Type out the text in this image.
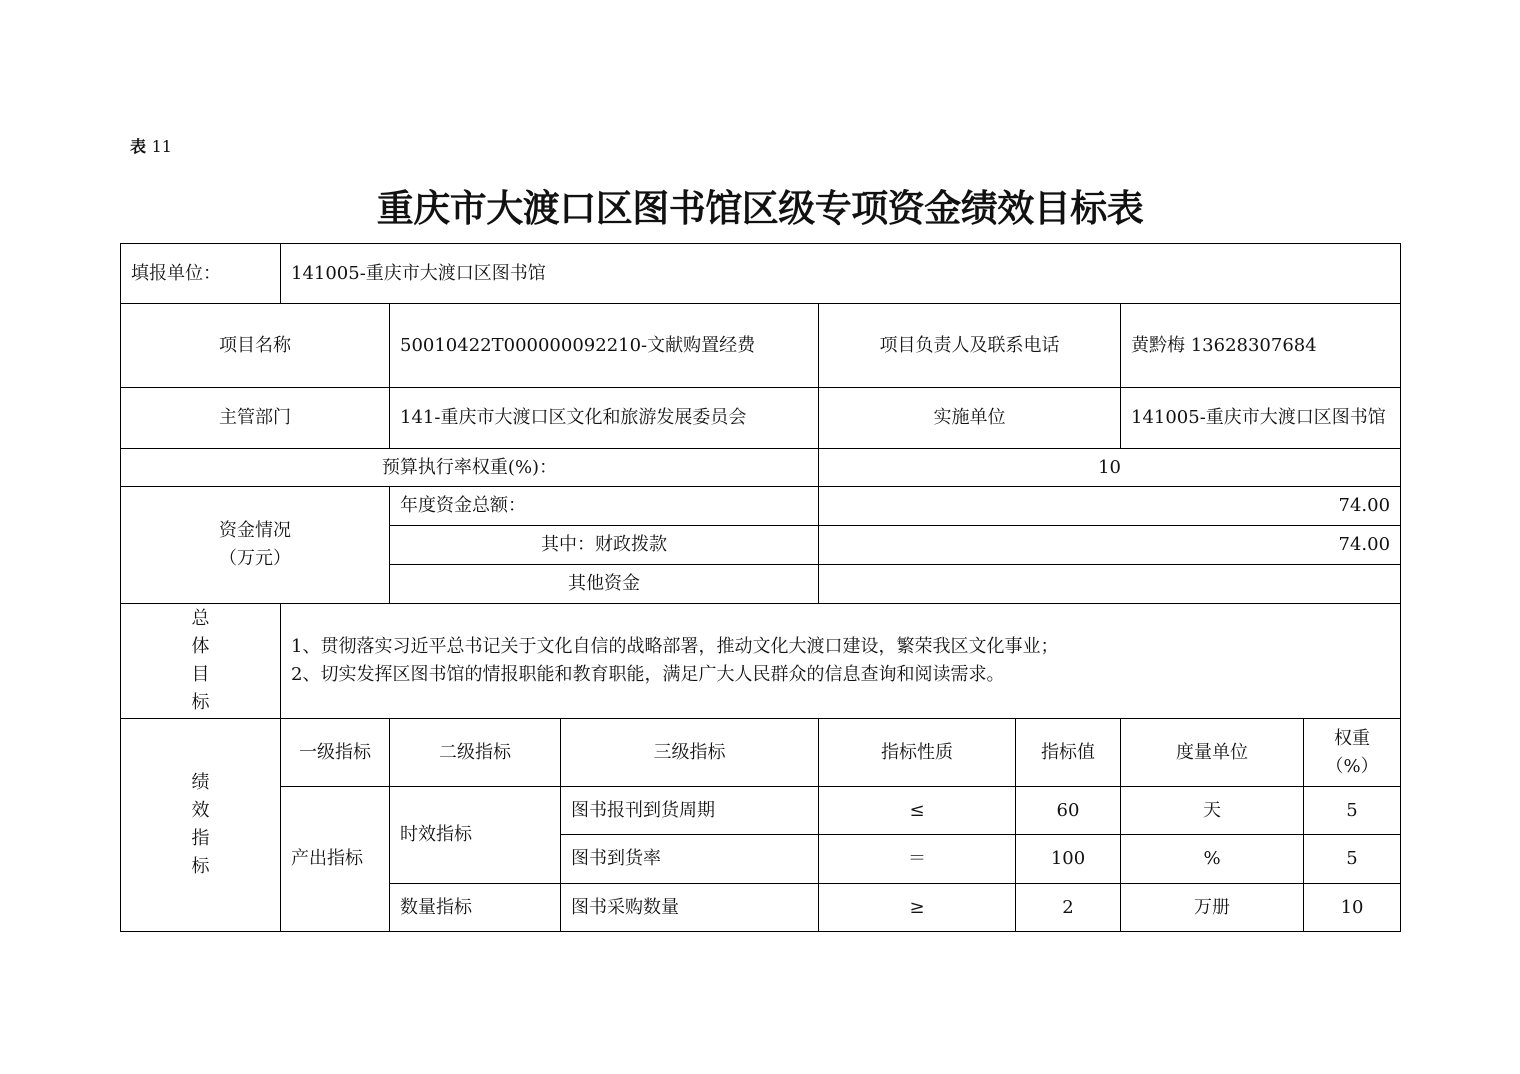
表 11
重庆市大渡口区图书馆区级专项资金绩效目标表
填报单位：	141005-重庆市大渡口区图书馆						
项目名称		50010422T000000092210-文献购置经费		项目负责人及联系电话		黄黔梅 13628307684	
主管部门		141-重庆市大渡口区文化和旅游发展委员会		实施单位		141005-重庆市大渡口区图书馆	
预算执行率权重(%)：				10			

资金情况
（万元）		年度资金总额：		74.00			
		其中：财政拨款		74.00			
		其他资金					

总
体
目
标	1、贯彻落实习近平总书记关于文化自信的战略部署，推动文化大渡口建设，繁荣我区文化事业；
2、切实发挥区图书馆的情报职能和教育职能，满足广大人民群众的信息查询和阅读需求。						

绩
效
指
标	一级指标	二级指标	三级指标	指标性质	指标值	度量单位	权重（%）
	产出指标	时效指标	图书报刊到货周期	≤	60	天	5
			图书到货率	＝	100	%	5
		数量指标	图书采购数量	≥	2	万册	10
